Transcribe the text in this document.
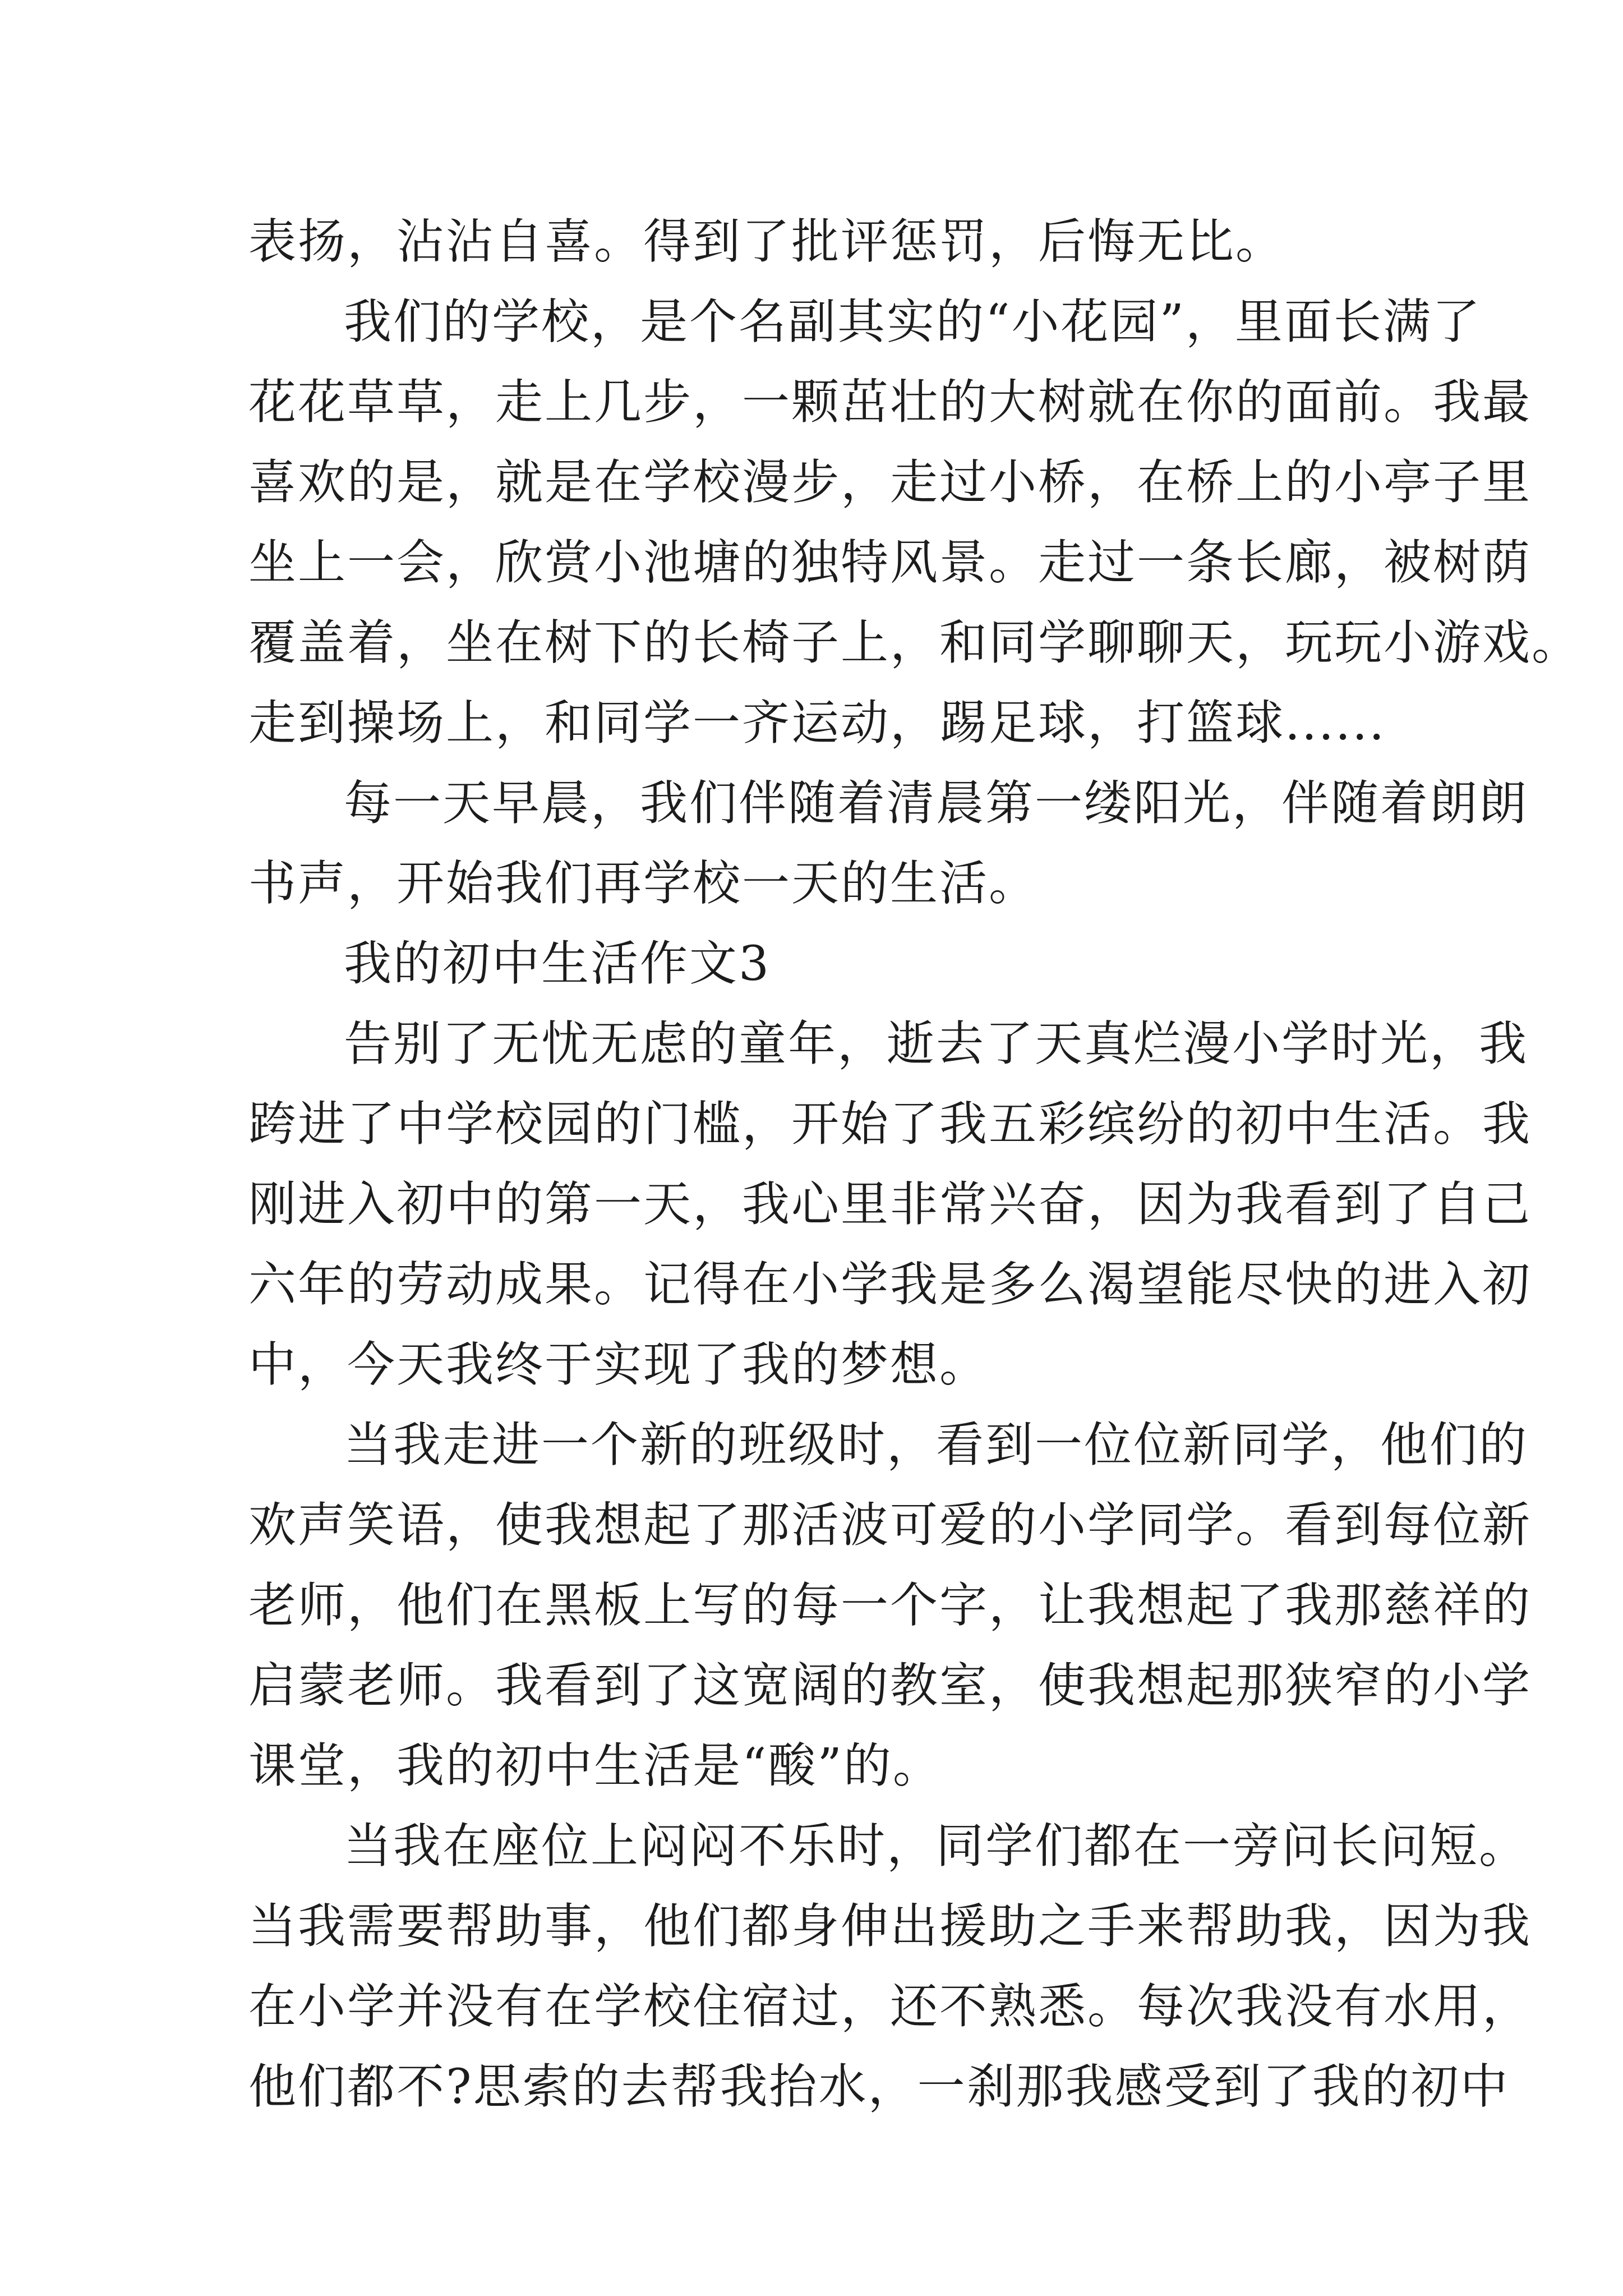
表扬，沾沾自喜。得到了批评惩罚，后悔无比。
我们的学校，是个名副其实的“小花园”，里面长满了
花花草草，走上几步，一颗茁壮的大树就在你的面前。我最
喜欢的是，就是在学校漫步，走过小桥，在桥上的小亭子里
坐上一会，欣赏小池塘的独特风景。走过一条长廊，被树荫
覆盖着，坐在树下的长椅子上，和同学聊聊天，玩玩小游戏。
走到操场上，和同学一齐运动，踢足球，打篮球......
每一天早晨，我们伴随着清晨第一缕阳光，伴随着朗朗
书声，开始我们再学校一天的生活。
我的初中生活作文3
告别了无忧无虑的童年，逝去了天真烂漫小学时光，我
跨进了中学校园的门槛，开始了我五彩缤纷的初中生活。我
刚进入初中的第一天，我心里非常兴奋，因为我看到了自己
六年的劳动成果。记得在小学我是多么渴望能尽快的进入初
中，今天我终于实现了我的梦想。
当我走进一个新的班级时，看到一位位新同学，他们的
欢声笑语，使我想起了那活波可爱的小学同学。看到每位新
老师，他们在黑板上写的每一个字，让我想起了我那慈祥的
启蒙老师。我看到了这宽阔的教室，使我想起那狭窄的小学
课堂，我的初中生活是“酸”的。
当我在座位上闷闷不乐时，同学们都在一旁问长问短。
当我需要帮助事，他们都身伸出援助之手来帮助我，因为我
在小学并没有在学校住宿过，还不熟悉。每次我没有水用，
他们都不?思索的去帮我抬水，一刹那我感受到了我的初中
